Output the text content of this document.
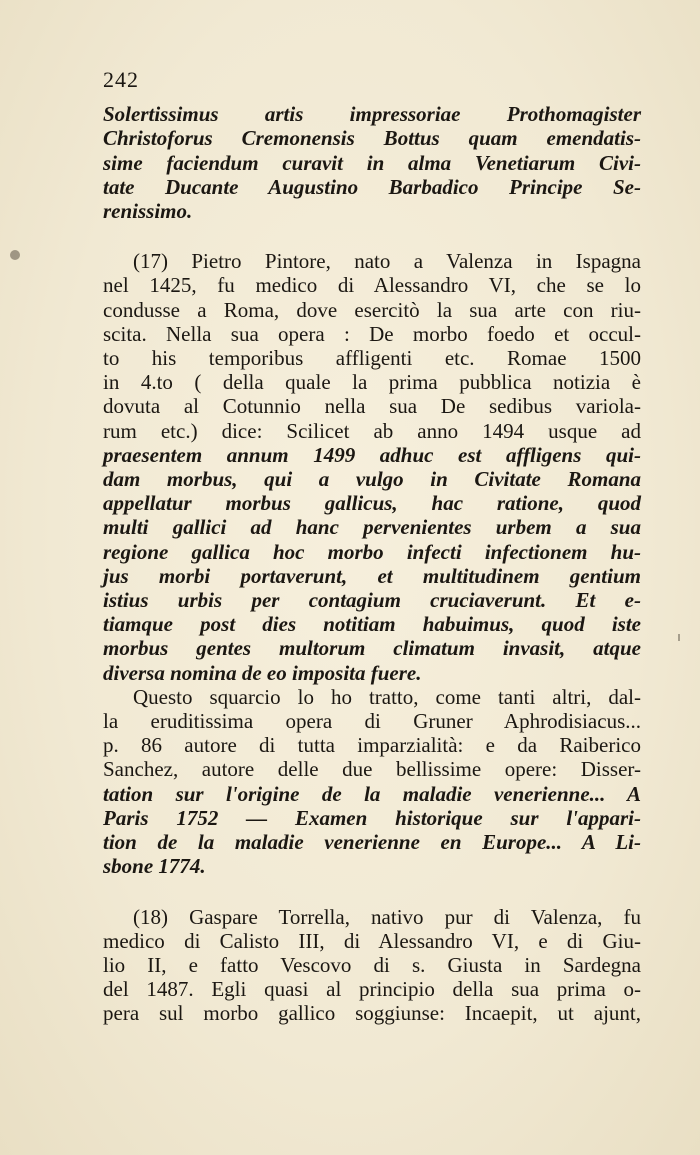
242
Solertissimus artis impressoriae Prothomagister
Christoforus Cremonensis Bottus quam emendatis-
sime faciendum curavit in alma Venetiarum Civi-
tate Ducante Augustino Barbadico Principe Se-
renissimo.
(17) Pietro Pintore, nato a Valenza in Ispagna
nel 1425, fu medico di Alessandro VI, che se lo
condusse a Roma, dove esercitò la sua arte con riu-
scita. Nella sua opera : De morbo foedo et occul-
to his temporibus affligenti etc. Romae 1500
in 4.to ( della quale la prima pubblica notizia è
dovuta al Cotunnio nella sua De sedibus variola-
rum etc.) dice: Scilicet ab anno 1494 usque ad
praesentem annum 1499 adhuc est affligens qui-
dam morbus, qui a vulgo in Civitate Romana
appellatur morbus gallicus, hac ratione, quod
multi gallici ad hanc pervenientes urbem a sua
regione gallica hoc morbo infecti infectionem hu-
jus morbi portaverunt, et multitudinem gentium
istius urbis per contagium cruciaverunt. Et e-
tiamque post dies notitiam habuimus, quod iste
morbus gentes multorum climatum invasit, atque
diversa nomina de eo imposita fuere.
Questo squarcio lo ho tratto, come tanti altri, dal-
la eruditissima opera di Gruner Aphrodisiacus...
p. 86 autore di tutta imparzialità: e da Raiberico
Sanchez, autore delle due bellissime opere: Disser-
tation sur l'origine de la maladie venerienne... A
Paris 1752 — Examen historique sur l'appari-
tion de la maladie venerienne en Europe... A Li-
sbone 1774.
(18) Gaspare Torrella, nativo pur di Valenza, fu
medico di Calisto III, di Alessandro VI, e di Giu-
lio II, e fatto Vescovo di s. Giusta in Sardegna
del 1487. Egli quasi al principio della sua prima o-
pera sul morbo gallico soggiunse: Incaepit, ut ajunt,
